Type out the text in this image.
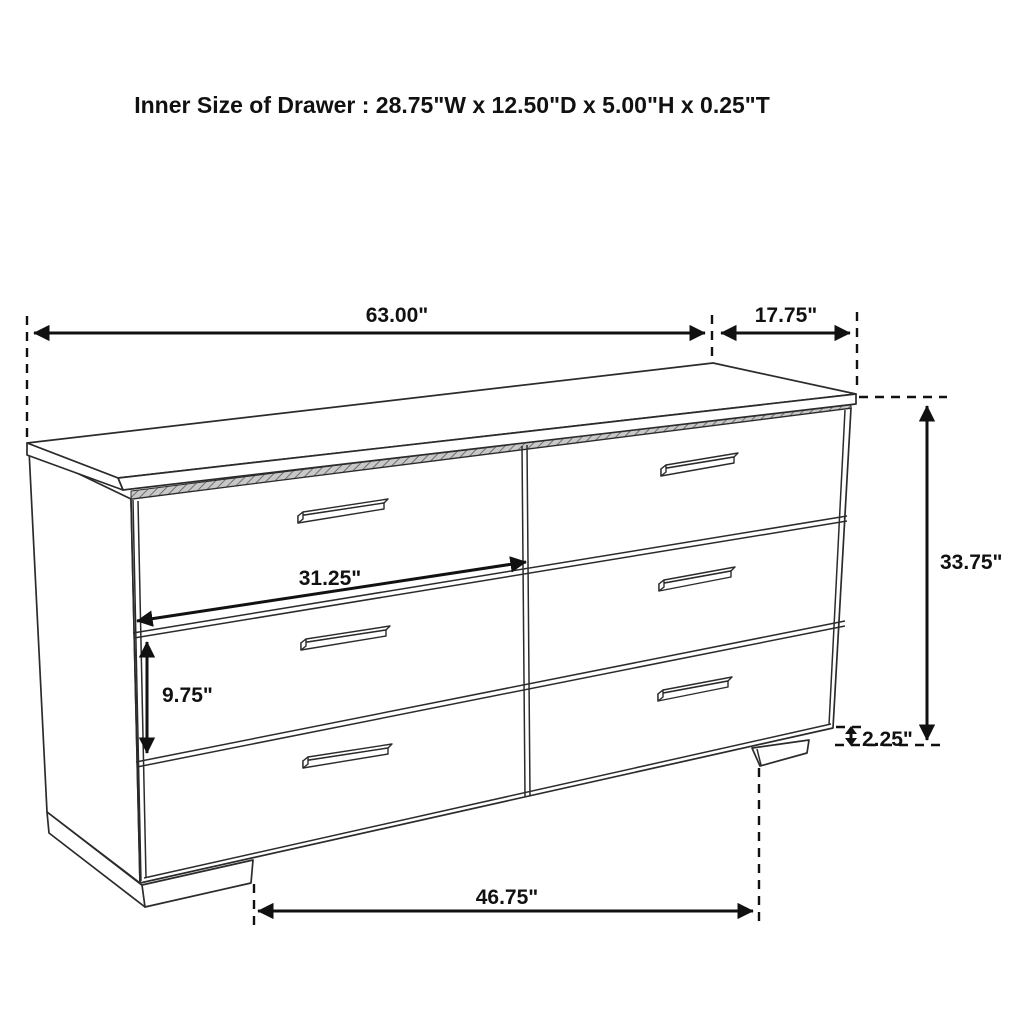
63.00"	17.75"
33.75"
2.25"
31.25"
9.75"
46.75"
Inner Size of Drawer : 28.75"W x 12.50"D x 5.00"H x 0.25"T
